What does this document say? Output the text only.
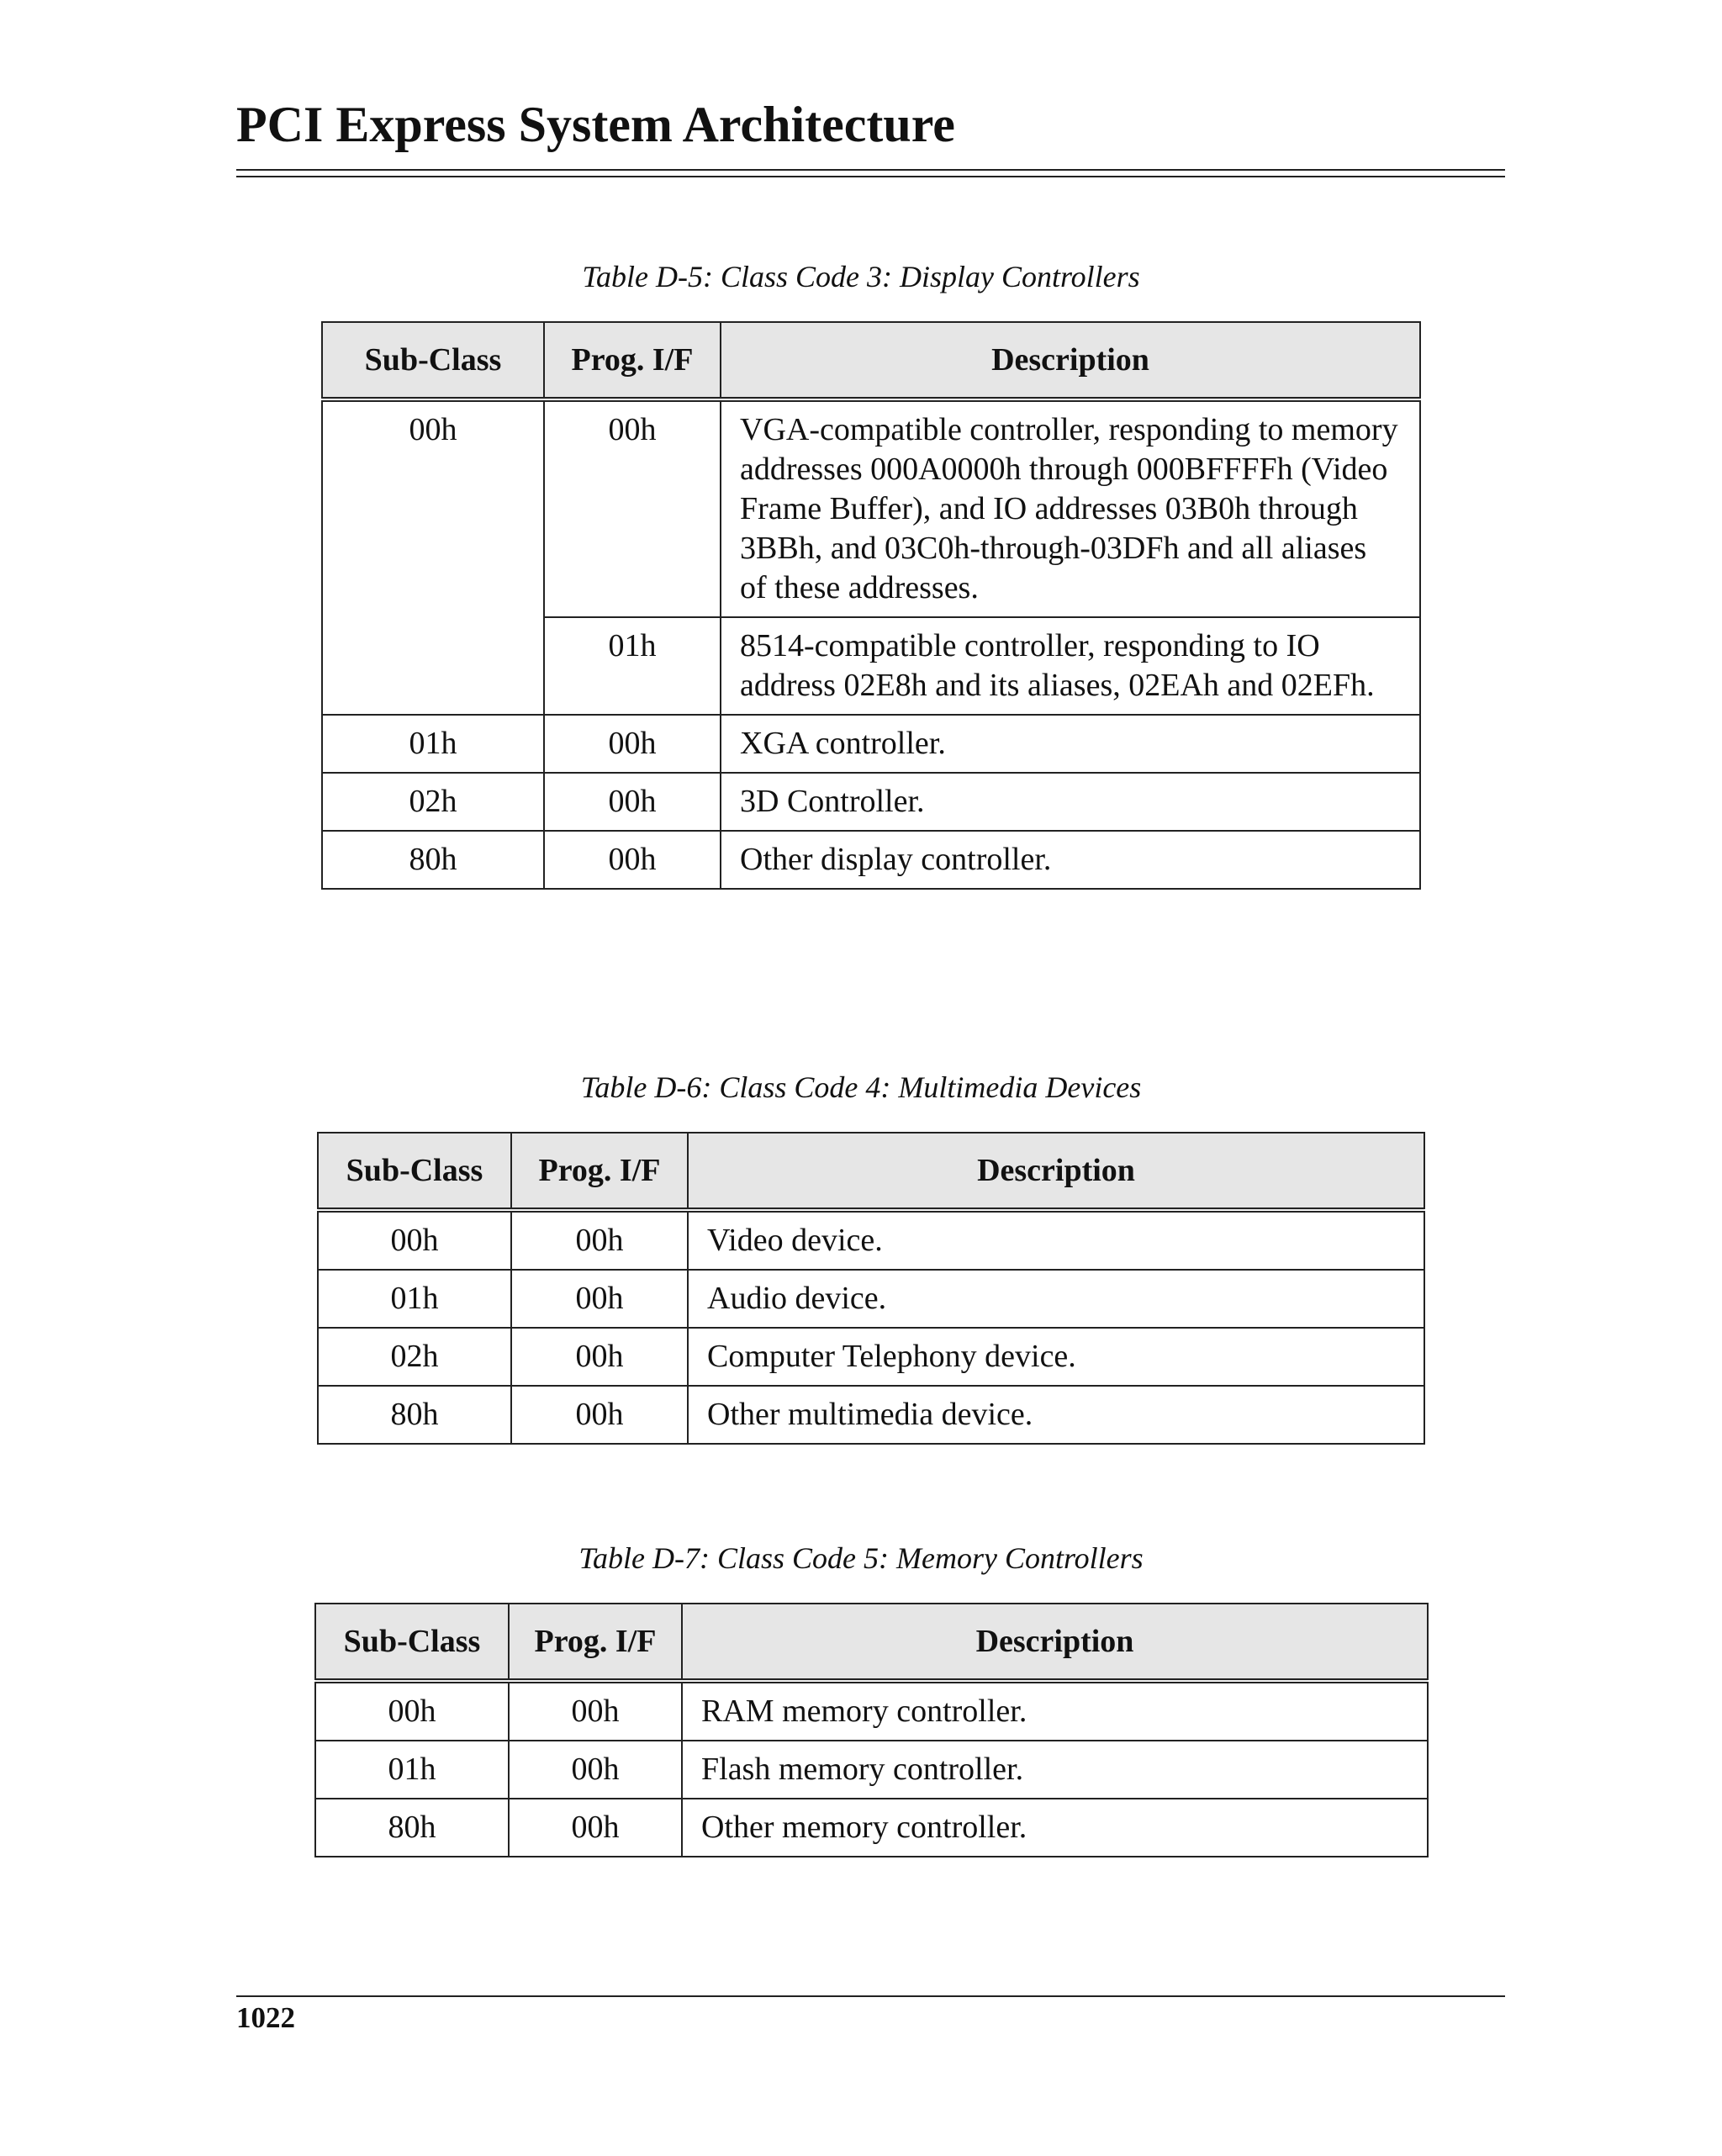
PCI Express System Architecture
Table D-5: Class Code 3: Display Controllers
Sub-Class	Prog. I/F	Description
00h	00h	VGA-compatible controller, responding to memory addresses 000A0000h through 000BFFFFh (Video Frame Buffer), and IO addresses 03B0h through 3BBh, and 03C0h-through-03DFh and all aliases of these addresses.
	01h	8514-compatible controller, responding to IO address 02E8h and its aliases, 02EAh and 02EFh.
01h	00h	XGA controller.
02h	00h	3D Controller.
80h	00h	Other display controller.
Table D-6: Class Code 4: Multimedia Devices
Sub-Class	Prog. I/F	Description
00h	00h	Video device.
01h	00h	Audio device.
02h	00h	Computer Telephony device.
80h	00h	Other multimedia device.
Table D-7: Class Code 5: Memory Controllers
Sub-Class	Prog. I/F	Description
00h	00h	RAM memory controller.
01h	00h	Flash memory controller.
80h	00h	Other memory controller.
1022
